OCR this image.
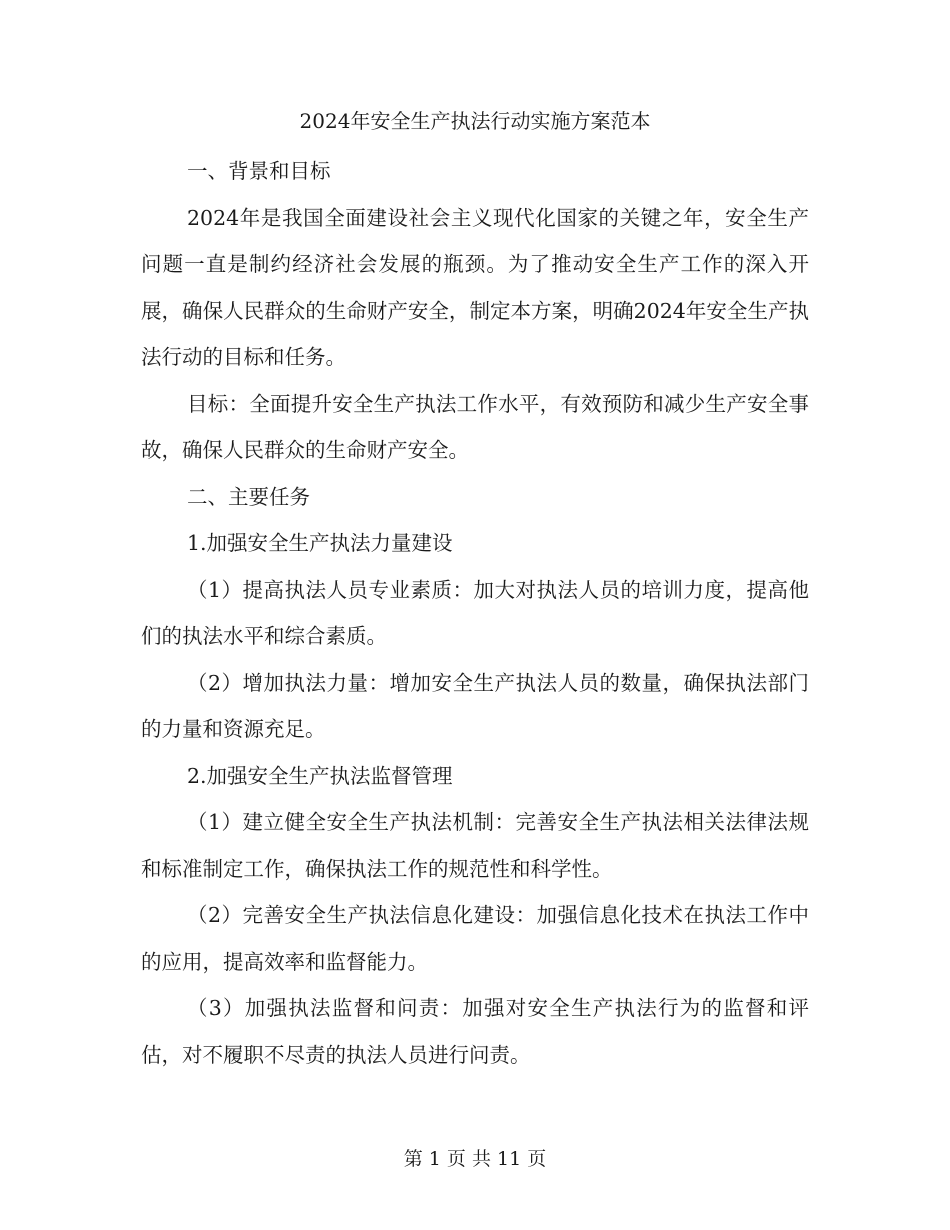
2024年安全生产执法行动实施方案范本

一、背景和目标

2024年是我国全面建设社会主义现代化国家的关键之年，安全生产问题一直是制约经济社会发展的瓶颈。为了推动安全生产工作的深入开展，确保人民群众的生命财产安全，制定本方案，明确2024年安全生产执法行动的目标和任务。

目标：全面提升安全生产执法工作水平，有效预防和减少生产安全事故，确保人民群众的生命财产安全。

二、主要任务

1.加强安全生产执法力量建设

（1）提高执法人员专业素质：加大对执法人员的培训力度，提高他们的执法水平和综合素质。

（2）增加执法力量：增加安全生产执法人员的数量，确保执法部门的力量和资源充足。

2.加强安全生产执法监督管理

（1）建立健全安全生产执法机制：完善安全生产执法相关法律法规和标准制定工作，确保执法工作的规范性和科学性。

（2）完善安全生产执法信息化建设：加强信息化技术在执法工作中的应用，提高效率和监督能力。

（3）加强执法监督和问责：加强对安全生产执法行为的监督和评估，对不履职不尽责的执法人员进行问责。

第 1 页 共 11 页
